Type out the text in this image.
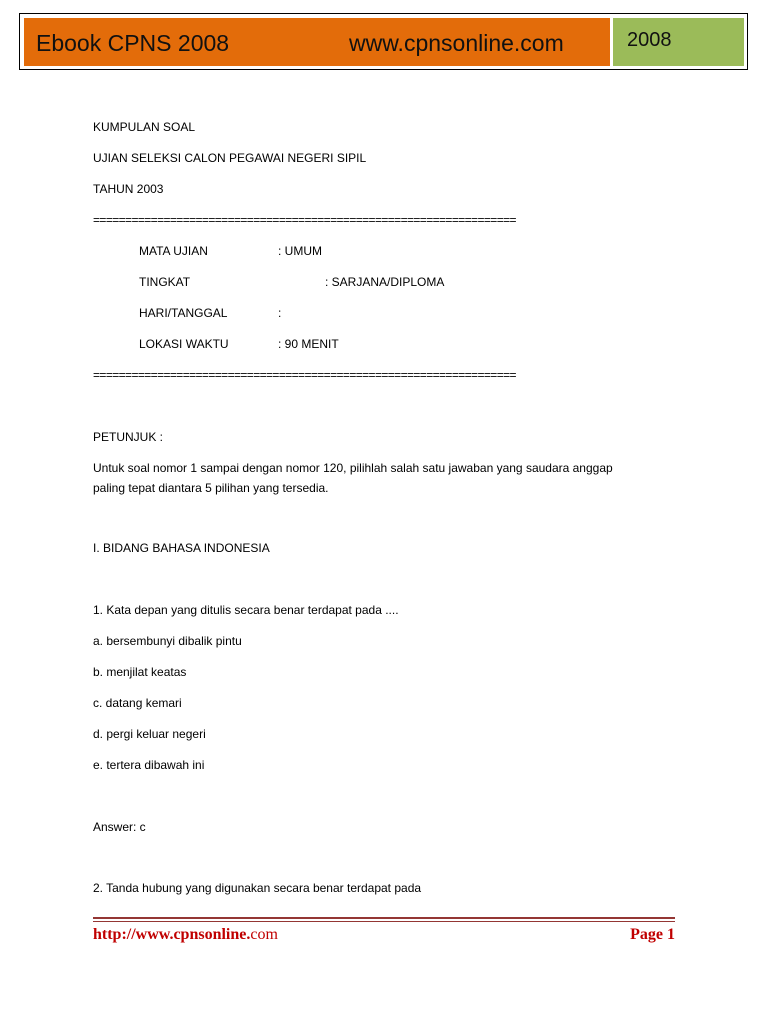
Ebook CPNS 2008	www.cpnsonline.com	2008
KUMPULAN SOAL
UJIAN SELEKSI CALON PEGAWAI NEGERI SIPIL
TAHUN 2003
==================================================================
MATA UJIAN	: UMUM
TINGKAT	: SARJANA/DIPLOMA
HARI/TANGGAL	:
LOKASI WAKTU	: 90 MENIT
==================================================================
PETUNJUK :
Untuk soal nomor 1 sampai dengan nomor 120, pilihlah salah satu jawaban yang saudara anggap
paling tepat diantara 5 pilihan yang tersedia.
I. BIDANG BAHASA INDONESIA
1. Kata depan yang ditulis secara benar terdapat pada ....
a. bersembunyi dibalik pintu
b. menjilat keatas
c. datang kemari
d. pergi keluar negeri
e. tertera dibawah ini
Answer: c
2. Tanda hubung yang digunakan secara benar terdapat pada
http://www.cpnsonline.com	Page 1
